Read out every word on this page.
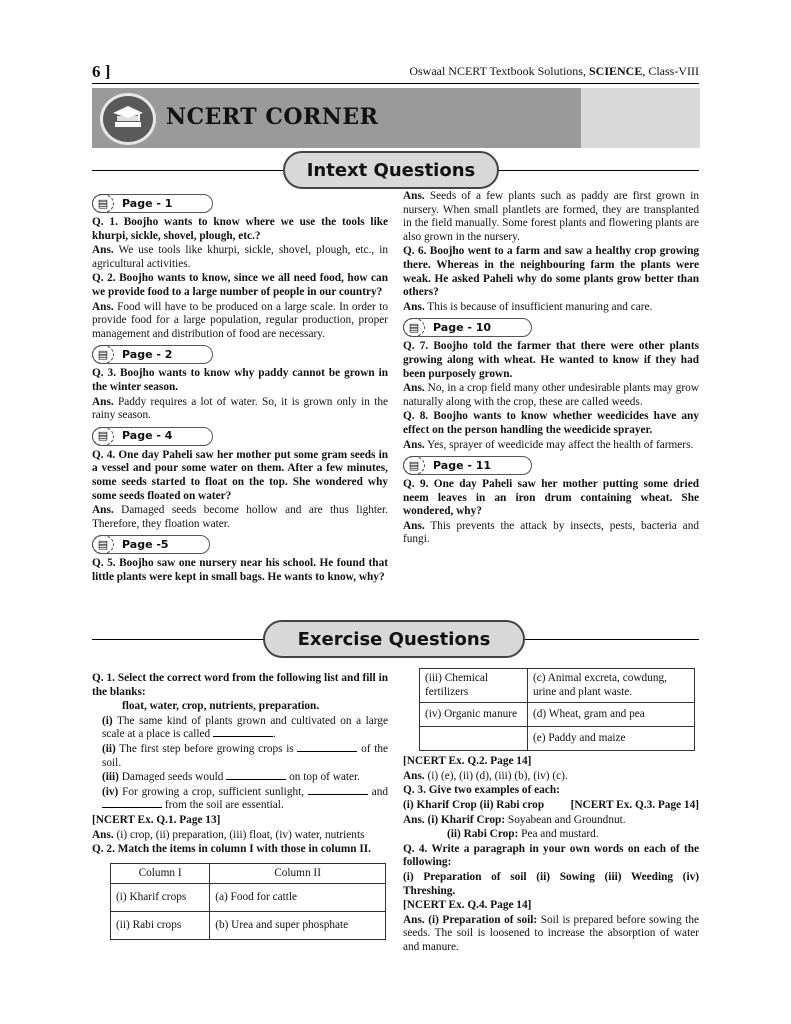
6 ]	Oswaal NCERT Textbook Solutions, SCIENCE, Class-VIII
NCERT CORNER
Intext Questions
▤	Page - 1

Q. 1. Boojho wants to know where we use the tools like khurpi, sickle, shovel, plough, etc.?

Ans. We use tools like khurpi, sickle, shovel, plough, etc., in agricultural activities.

Q. 2. Boojho wants to know, since we all need food, how can we provide food to a large number of people in our country?

Ans. Food will have to be produced on a large scale. In order to provide food for a large population, regular production, proper management and distribution of food are necessary.

▤	Page - 2

Q. 3. Boojho wants to know why paddy cannot be grown in the winter season.

Ans. Paddy requires a lot of water. So, it is grown only in the rainy season.

▤	Page - 4

Q. 4. One day Paheli saw her mother put some gram seeds in a vessel and pour some water on them. After a few minutes, some seeds started to float on the top. She wondered why some seeds floated on water?

Ans. Damaged seeds become hollow and are thus lighter. Therefore, they floation water.

▤	Page -5

Q. 5. Boojho saw one nursery near his school. He found that little plants were kept in small bags. He wants to know, why?

Ans. Seeds of a few plants such as paddy are first grown in nursery. When small plantlets are formed, they are transplanted in the field manually. Some forest plants and flowering plants are also grown in the nursery.

Q. 6. Boojho went to a farm and saw a healthy crop growing there. Whereas in the neighbouring farm the plants were weak. He asked Paheli why do some plants grow better than others?

Ans. This is because of insufficient manuring and care.

▤	Page - 10

Q. 7. Boojho told the farmer that there were other plants growing along with wheat. He wanted to know if they had been purposely grown.

Ans. No, in a crop field many other undesirable plants may grow naturally along with the crop, these are called weeds.

Q. 8. Boojho wants to know whether weedicides have any effect on the person handling the weedicide sprayer.

Ans. Yes, sprayer of weedicide may affect the health of farmers.

▤	Page - 11

Q. 9. One day Paheli saw her mother putting some dried neem leaves in an iron drum containing wheat. She wondered, why?

Ans. This prevents the attack by insects, pests, bacteria and fungi.

Exercise Questions

Q. 1. Select the correct word from the following list and fill in the blanks:

float, water, crop, nutrients, preparation.

(i) The same kind of plants grown and cultivated on a large scale at a place is called	.

(ii) The first step before growing crops is	of the soil.

(iii) Damaged seeds would	on top of water.

(iv) For growing a crop, sufficient sunlight,	and  from the soil are essential.

[NCERT Ex. Q.1. Page 13]

Ans. (i) crop, (ii) preparation, (iii) float, (iv) water, nutrients

Q. 2. Match the items in column I with those in column II.

Column I	Column II
(i) Kharif crops	(a) Food for cattle
(ii) Rabi crops	(b) Urea and super phosphate
(iii) Chemical fertilizers	(c) Animal excreta, cowdung, urine and plant waste.
(iv) Organic manure	(d) Wheat, gram and pea
	(e) Paddy and maize

[NCERT Ex. Q.2. Page 14]

Ans. (i) (e), (ii) (d), (iii) (b), (iv) (c).

Q. 3. Give two examples of each:

(i) Kharif Crop (ii) Rabi crop [NCERT Ex. Q.3. Page 14]

Ans. (i) Kharif Crop: Soyabean and Groundnut.

(ii) Rabi Crop: Pea and mustard.

Q. 4. Write a paragraph in your own words on each of the following:

(i) Preparation of soil (ii) Sowing (iii) Weeding (iv) Threshing.

[NCERT Ex. Q.4. Page 14]

Ans. (i) Preparation of soil: Soil is prepared before sowing the seeds. The soil is loosened to increase the absorption of water and manure.
